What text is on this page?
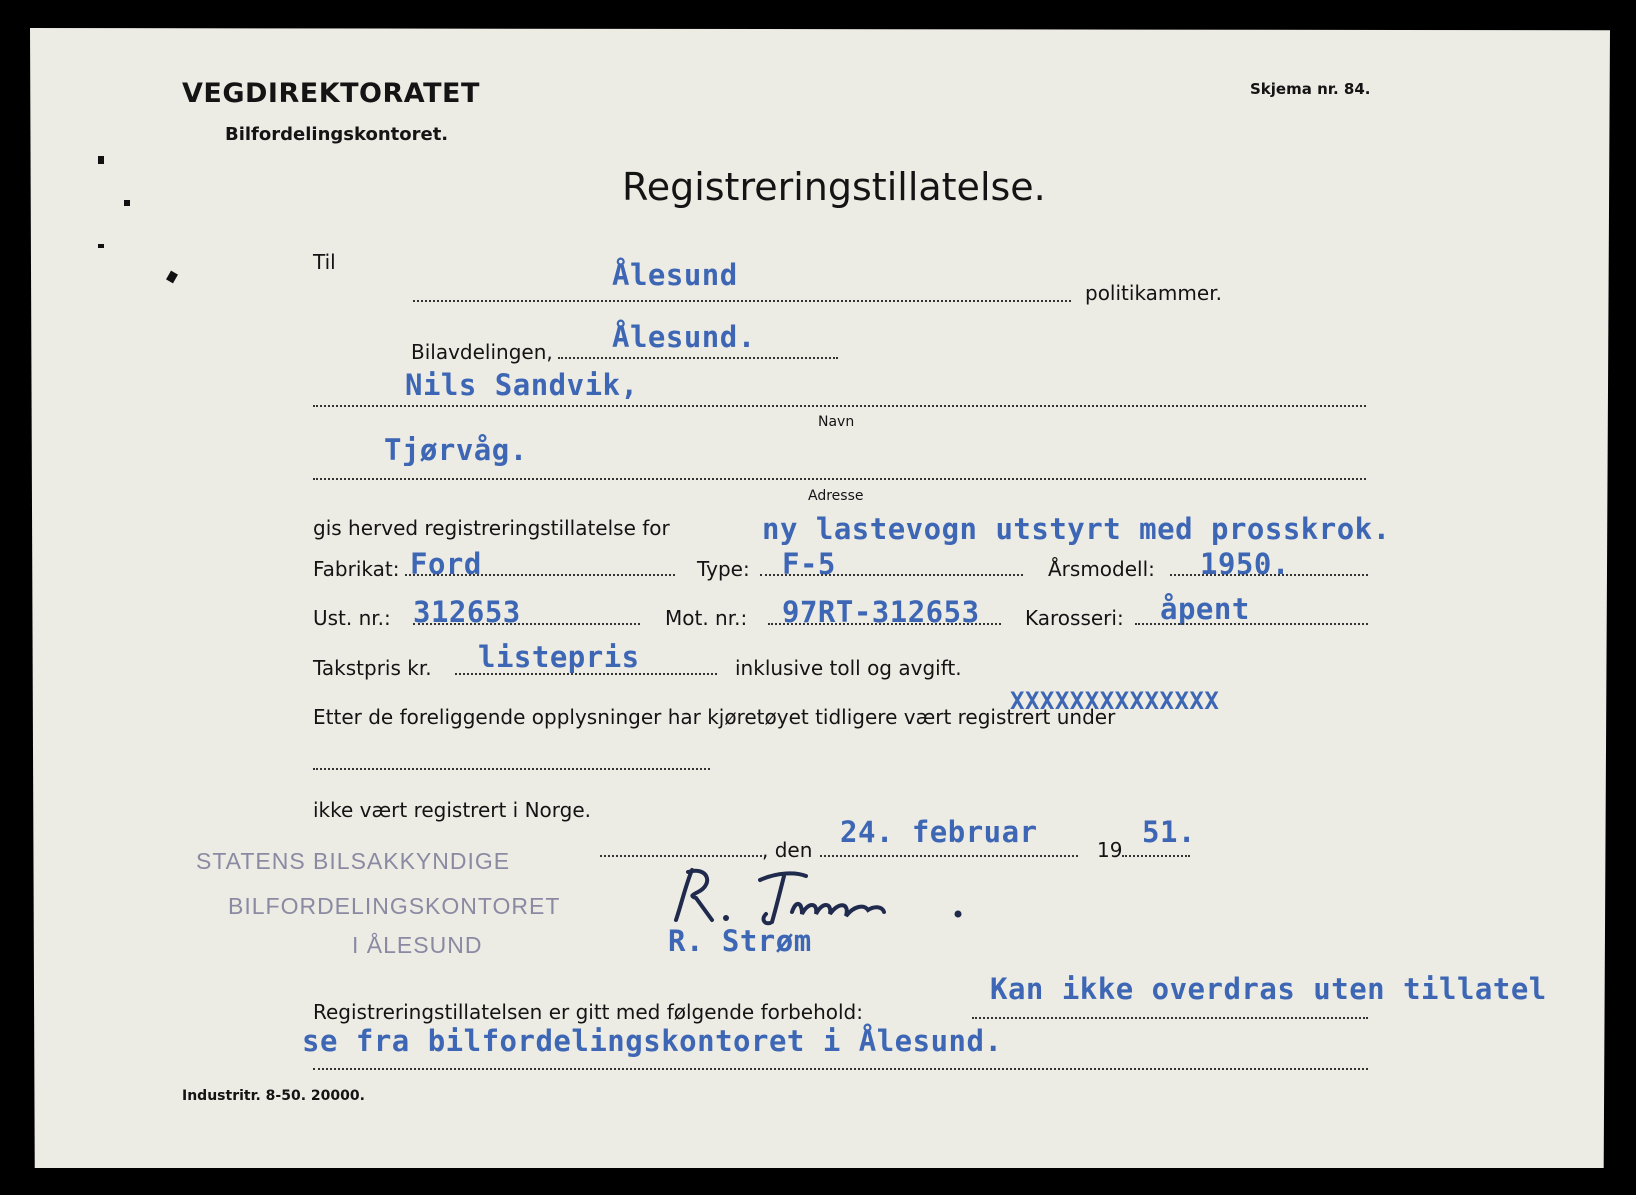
VEGDIREKTORATET
Bilfordelingskontoret.
Skjema nr. 84.
Registreringstillatelse.
Til	Ålesund
politikammer.
Bilavdelingen, Ålesund.
Nils Sandvik,
Navn
Tjørvåg.
Adresse
gis herved registreringstillatelse for	ny lastevogn utstyrt med prosskrok.
Fabrikat: Ford	Type: F-5	Årsmodell: 1950.
Ust. nr.: 312653	Mot. nr.: 97RT-312653 Karosseri: åpent
Takstpris kr. listepris	inklusive toll og avgift.
XXXXXXXXXXXXXX
Etter de foreliggende opplysninger har kjøretøyet tidligere vært registrert under
ikke vært registrert i Norge.
STATENS BILSAKKYNDIGE	, den
24. februar
19
51.
BILFORDELINGSKONTORET
I ÅLESUND	R. Strøm
Kan ikke overdras uten tillatel
Registreringstillatelsen er gitt med følgende forbehold:
se fra bilfordelingskontoret i Ålesund.
Industritr. 8-50. 20000.
